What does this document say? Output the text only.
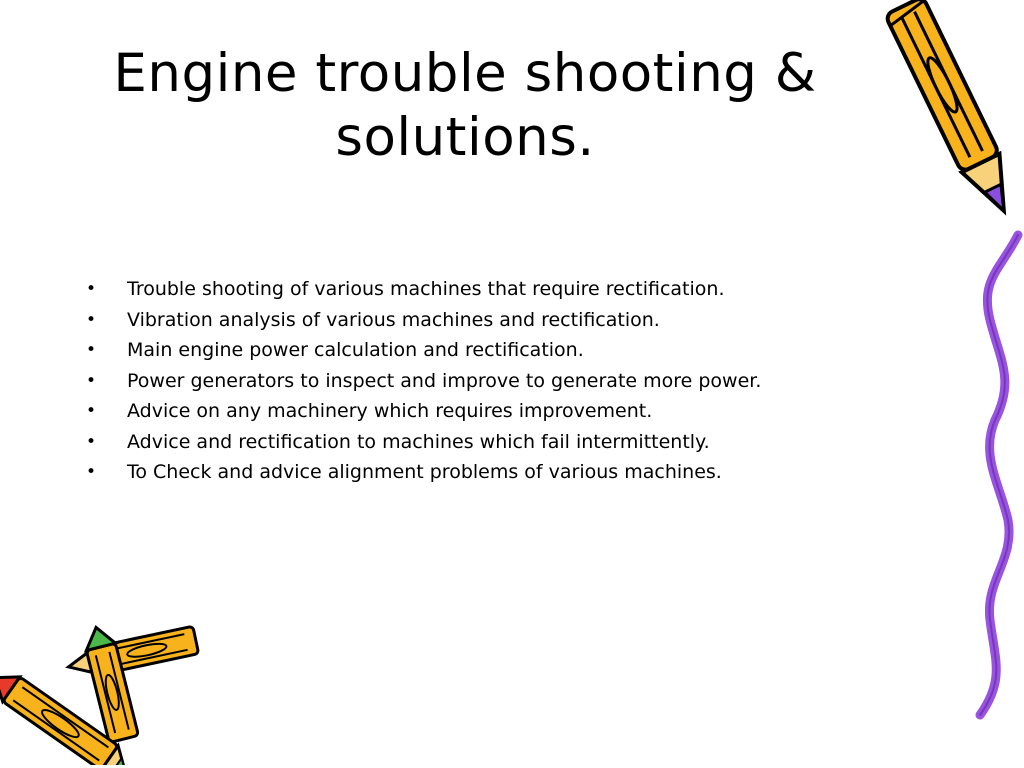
Engine trouble shooting &
solutions.
• Trouble shooting of various machines that require rectification.
• Vibration analysis of various machines and rectification.
• Main engine power calculation and rectification.
• Power generators to inspect and improve to generate more power.
• Advice on any machinery which requires improvement.
• Advice and rectification to machines which fail intermittently.
• To Check and advice alignment problems of various machines.
